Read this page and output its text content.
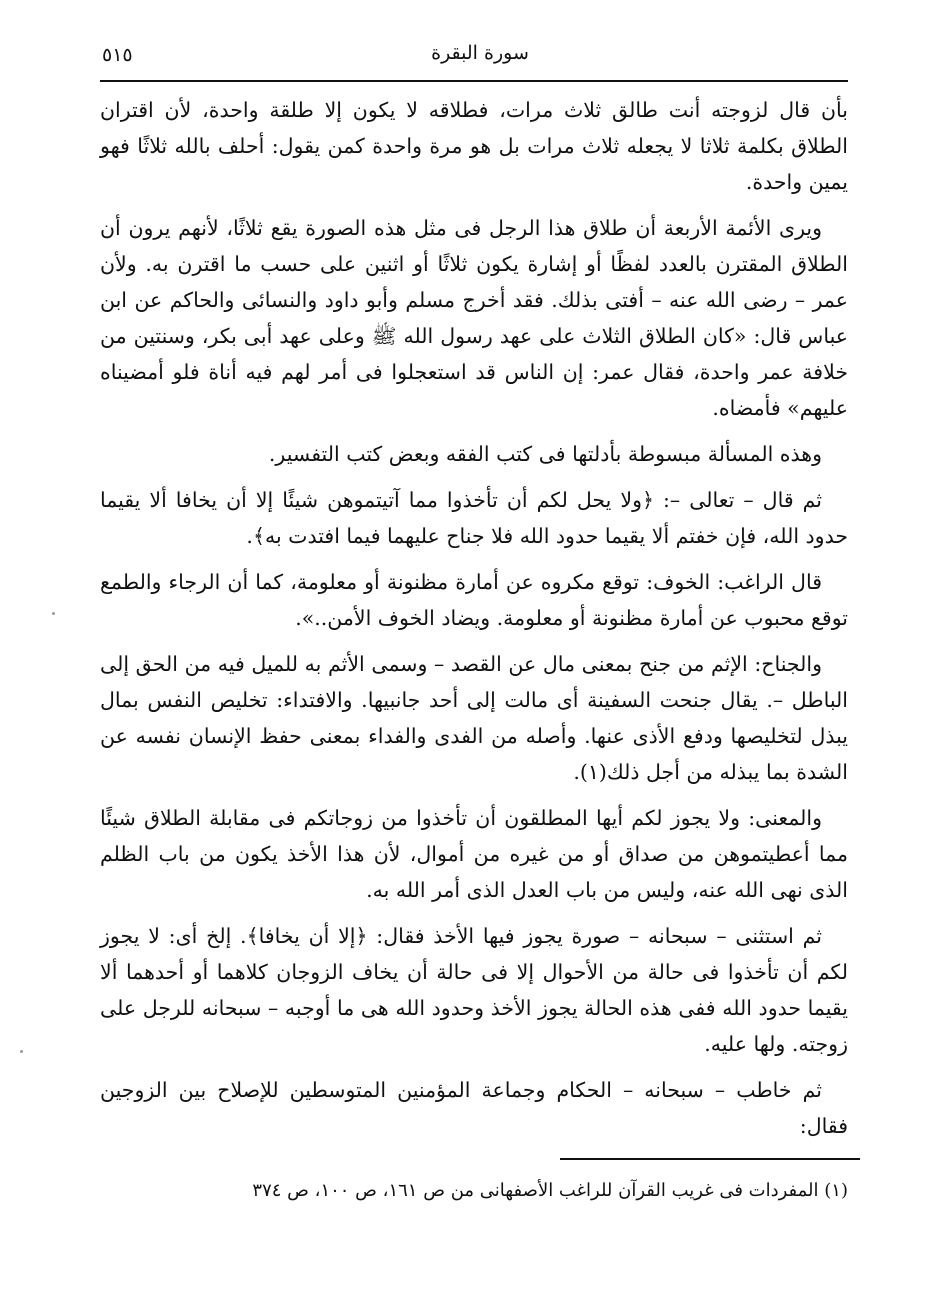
سورة البقرة
٥١٥

بأن قال لزوجته أنت طالق ثلاث مرات، فطلاقه لا يكون إلا طلقة واحدة، لأن اقتران الطلاق بكلمة ثلاثا لا يجعله ثلاث مرات بل هو مرة واحدة كمن يقول: أحلف بالله ثلاثًا فهو يمين واحدة.

ويرى الأئمة الأربعة أن طلاق هذا الرجل فى مثل هذه الصورة يقع ثلاثًا، لأنهم يرون أن الطلاق المقترن بالعدد لفظًا أو إشارة يكون ثلاثًا أو اثنين على حسب ما اقترن به. ولأن عمر – رضى الله عنه – أفتى بذلك. فقد أخرج مسلم وأبو داود والنسائى والحاكم عن ابن عباس قال: «كان الطلاق الثلاث على عهد رسول الله ﷺ وعلى عهد أبى بكر، وسنتين من خلافة عمر واحدة، فقال عمر: إن الناس قد استعجلوا فى أمر لهم فيه أناة فلو أمضيناه عليهم» فأمضاه.

وهذه المسألة مبسوطة بأدلتها فى كتب الفقه وبعض كتب التفسير.

ثم قال – تعالى –: ﴿ولا يحل لكم أن تأخذوا مما آتيتموهن شيئًا إلا أن يخافا ألا يقيما حدود الله، فإن خفتم ألا يقيما حدود الله فلا جناح عليهما فيما افتدت به﴾.

قال الراغب: الخوف: توقع مكروه عن أمارة مظنونة أو معلومة، كما أن الرجاء والطمع توقع محبوب عن أمارة مظنونة أو معلومة. ويضاد الخوف الأمن..».

والجناح: الإثم من جنح بمعنى مال عن القصد – وسمى الأثم به للميل فيه من الحق إلى الباطل –. يقال جنحت السفينة أى مالت إلى أحد جانبيها. والافتداء: تخليص النفس بمال يبذل لتخليصها ودفع الأذى عنها. وأصله من الفدى والفداء بمعنى حفظ الإنسان نفسه عن الشدة بما يبذله من أجل ذلك(١).

والمعنى: ولا يجوز لكم أيها المطلقون أن تأخذوا من زوجاتكم فى مقابلة الطلاق شيئًا مما أعطيتموهن من صداق أو من غيره من أموال، لأن هذا الأخذ يكون من باب الظلم الذى نهى الله عنه، وليس من باب العدل الذى أمر الله به.

ثم استثنى – سبحانه – صورة يجوز فيها الأخذ فقال: ﴿إلا أن يخافا﴾. إلخ أى: لا يجوز لكم أن تأخذوا فى حالة من الأحوال إلا فى حالة أن يخاف الزوجان كلاهما أو أحدهما ألا يقيما حدود الله ففى هذه الحالة يجوز الأخذ وحدود الله هى ما أوجبه – سبحانه للرجل على زوجته. ولها عليه.

ثم خاطب – سبحانه – الحكام وجماعة المؤمنين المتوسطين للإصلاح بين الزوجين فقال:

(١) المفردات فى غريب القرآن للراغب الأصفهانى من ص ١٦١، ص ١٠٠، ص ٣٧٤
